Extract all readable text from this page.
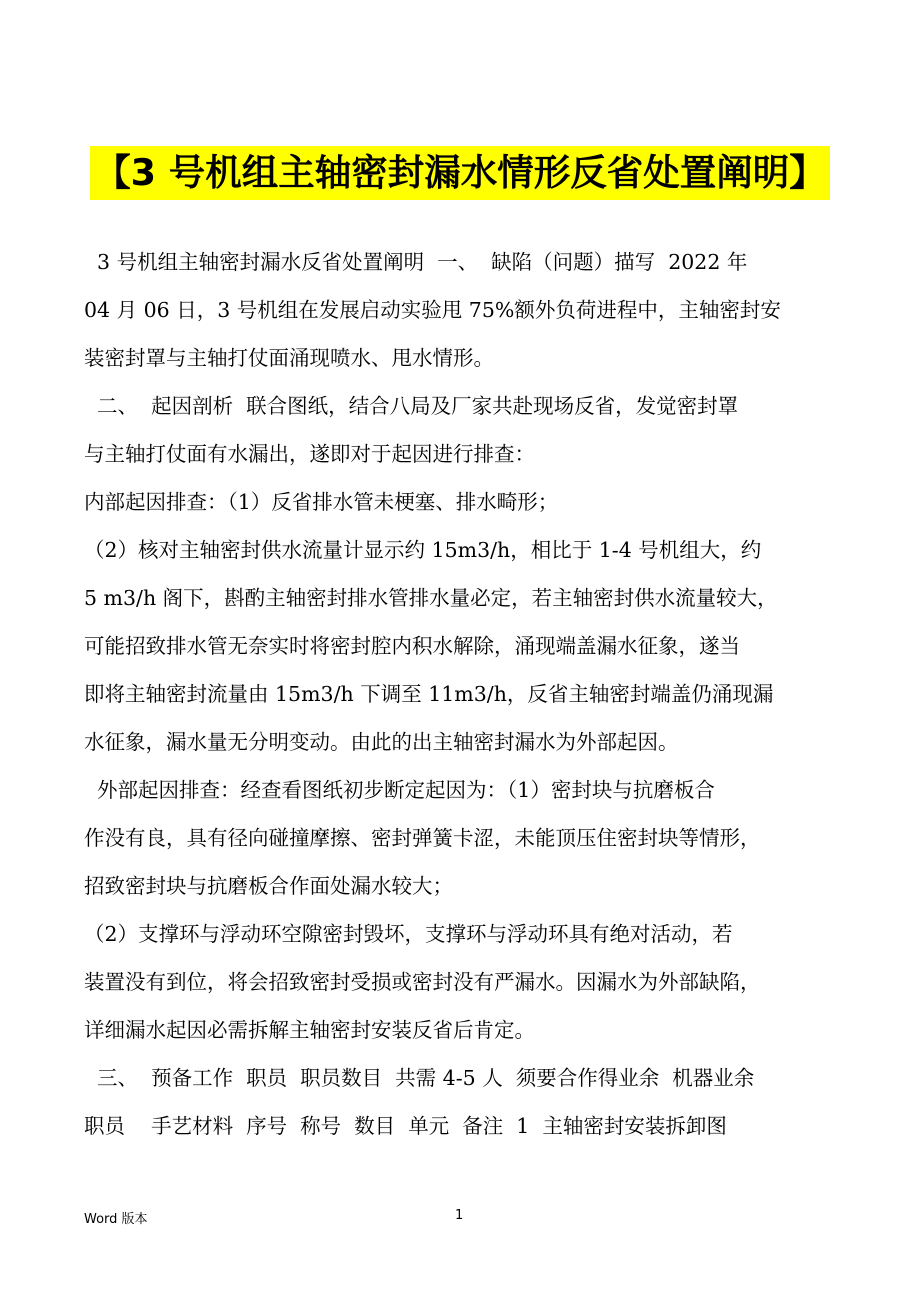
【3 号机组主轴密封漏水情形反省处置阐明】
3 号机组主轴密封漏水反省处置阐明  一、  缺陷（问题）描写  2022 年
04 月 06 日，3 号机组在发展启动实验甩 75%额外负荷进程中，主轴密封安
装密封罩与主轴打仗面涌现喷水、甩水情形。
二、  起因剖析  联合图纸，结合八局及厂家共赴现场反省，发觉密封罩
与主轴打仗面有水漏出，遂即对于起因进行排查：
内部起因排查：（1）反省排水管未梗塞、排水畸形；
（2）核对主轴密封供水流量计显示约 15m3/h，相比于 1-4 号机组大，约
5 m3/h 阁下，斟酌主轴密封排水管排水量必定，若主轴密封供水流量较大，
可能招致排水管无奈实时将密封腔内积水解除，涌现端盖漏水征象，遂当
即将主轴密封流量由 15m3/h 下调至 11m3/h，反省主轴密封端盖仍涌现漏
水征象，漏水量无分明变动。由此的出主轴密封漏水为外部起因。
外部起因排查：经查看图纸初步断定起因为：（1）密封块与抗磨板合
作没有良，具有径向碰撞摩擦、密封弹簧卡涩，未能顶压住密封块等情形，
招致密封块与抗磨板合作面处漏水较大；
（2）支撑环与浮动环空隙密封毁坏，支撑环与浮动环具有绝对活动，若
装置没有到位，将会招致密封受损或密封没有严漏水。因漏水为外部缺陷，
详细漏水起因必需拆解主轴密封安装反省后肯定。
三、  预备工作  职员  职员数目  共需 4-5 人  须要合作得业余  机器业余
职员    手艺材料  序号  称号  数目  单元  备注  1  主轴密封安装拆卸图
Word 版本	1
